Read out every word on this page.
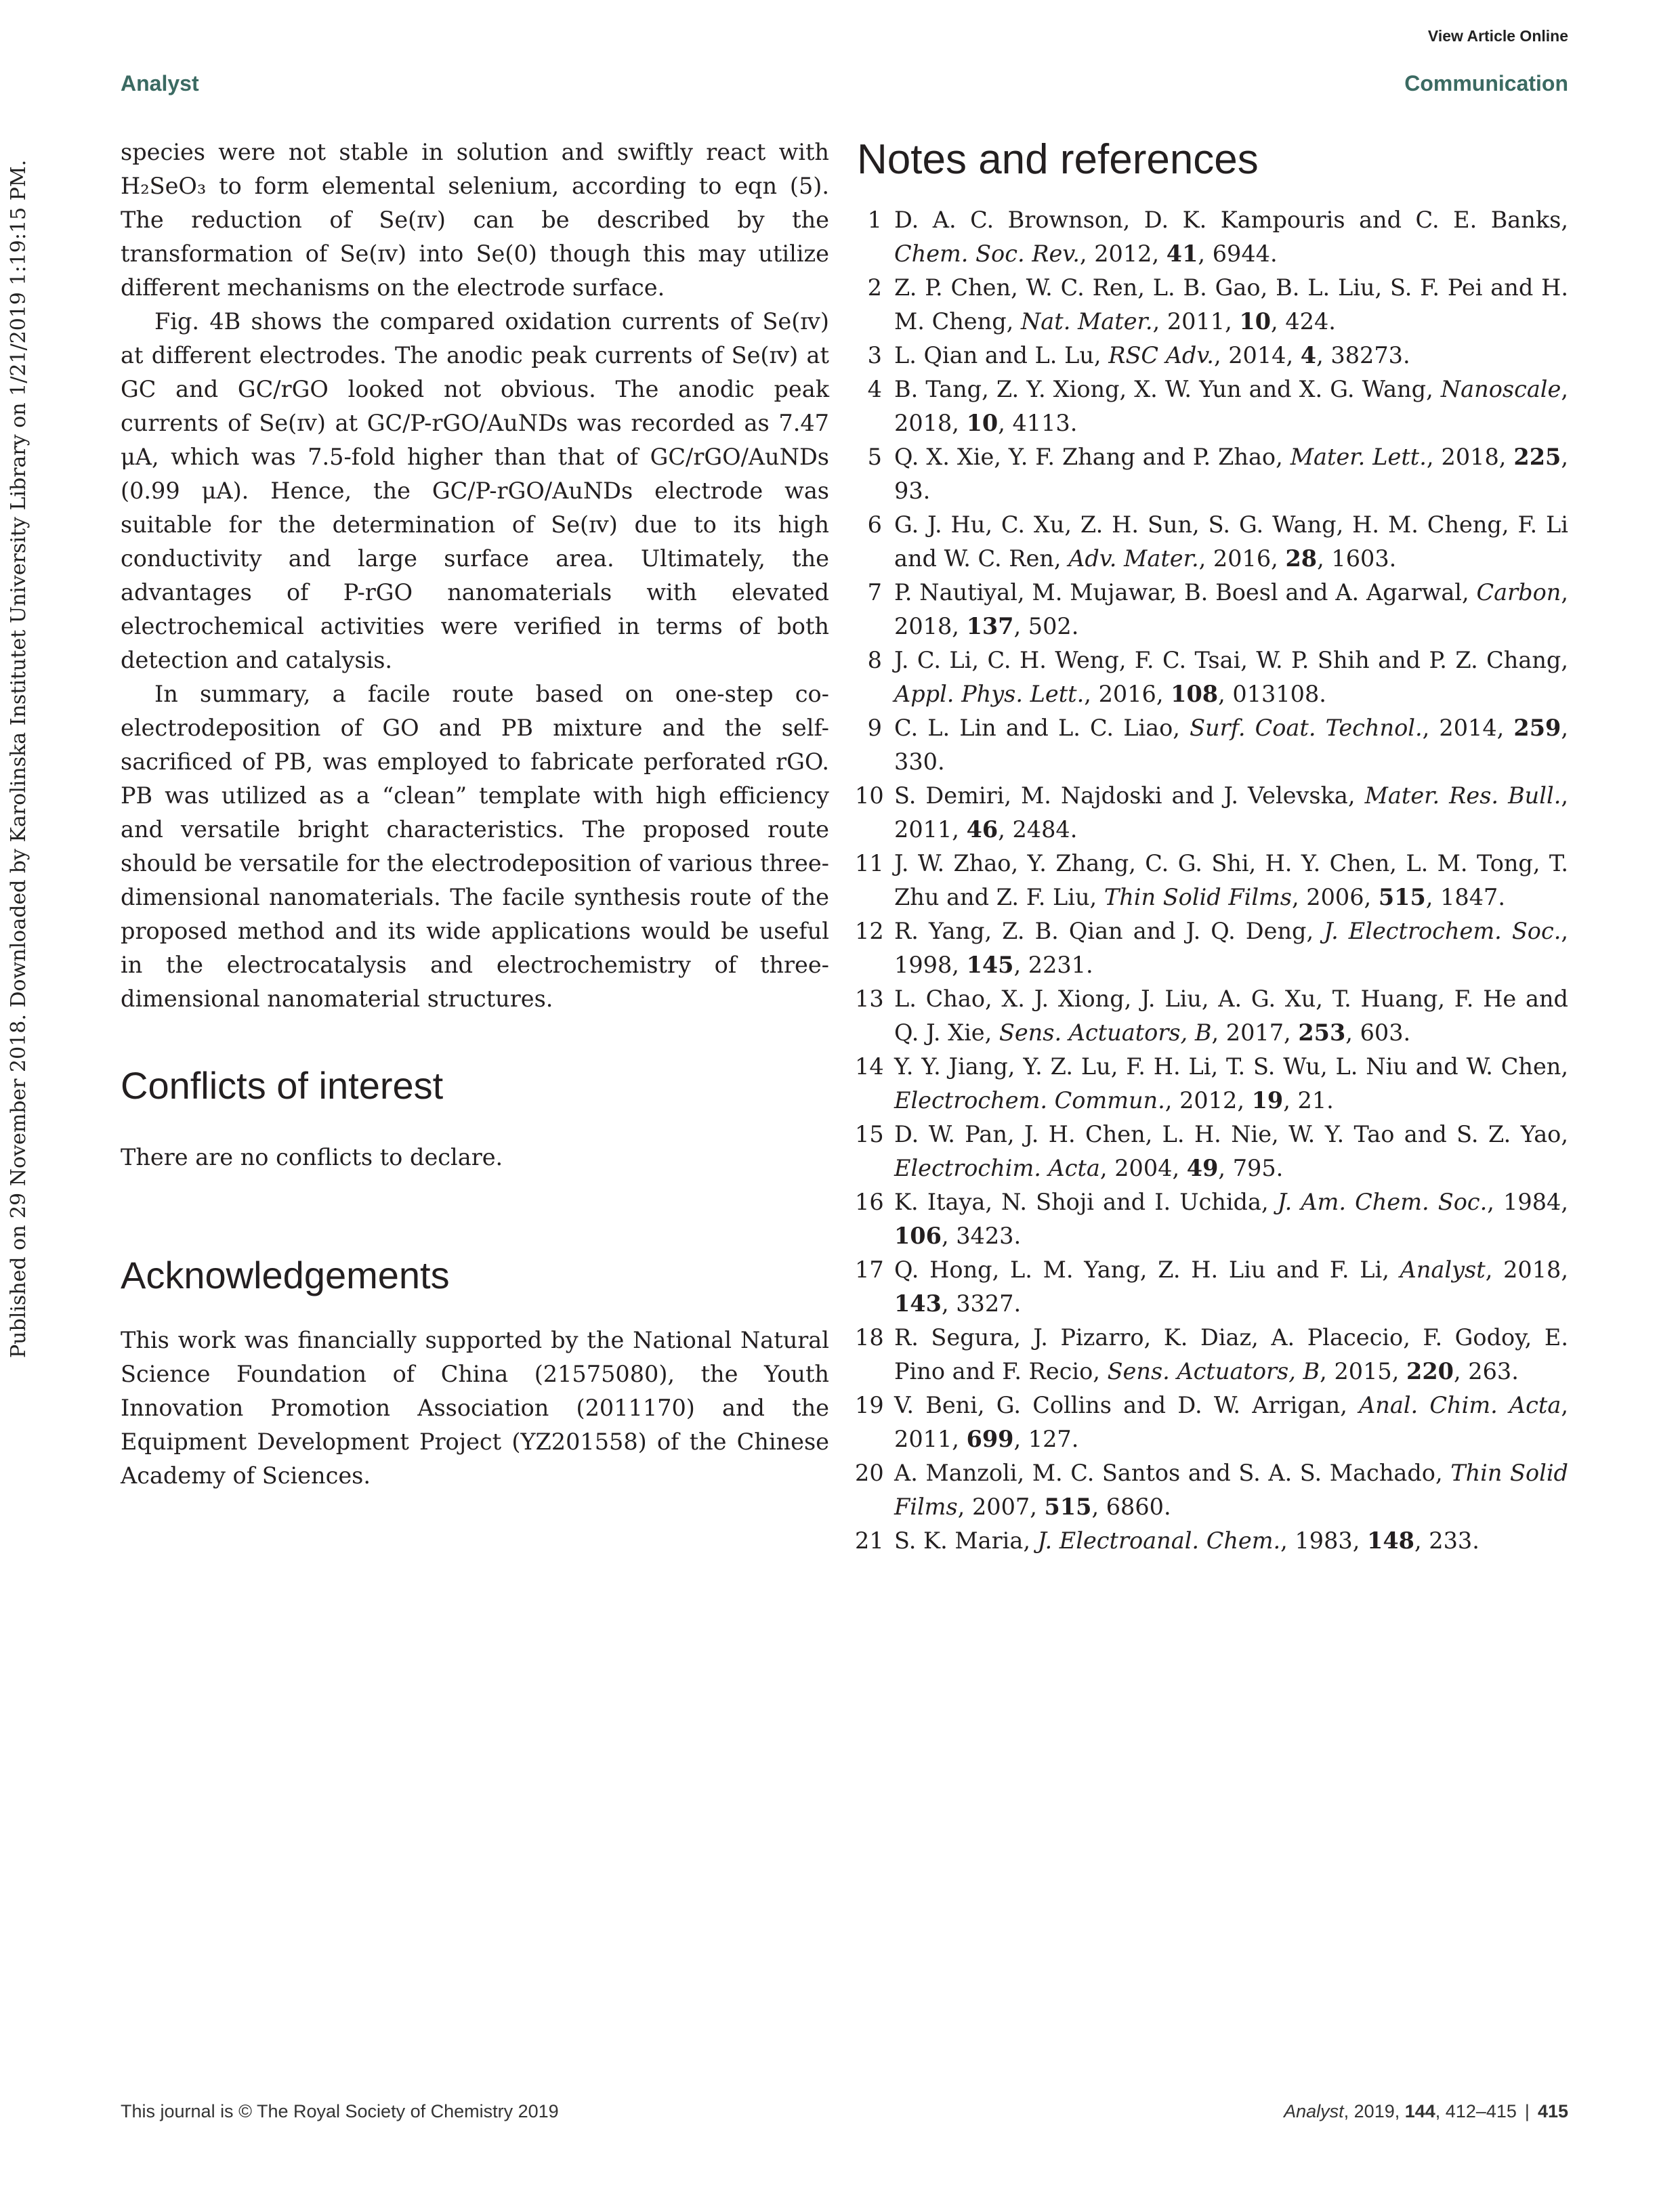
View Article Online
Analyst	Communication
Published on 29 November 2018. Downloaded by Karolinska Institutet University Library on 1/21/2019 1:19:15 PM.

species were not stable in solution and swiftly react with H₂SeO₃ to form elemental selenium, according to eqn (5). The reduction of Se(ɪᴠ) can be described by the transformation of Se(ɪᴠ) into Se(0) though this may utilize different mechanisms on the electrode surface.

Fig. 4B shows the compared oxidation currents of Se(ɪᴠ) at different electrodes. The anodic peak currents of Se(ɪᴠ) at GC and GC/rGO looked not obvious. The anodic peak currents of Se(ɪᴠ) at GC/P-rGO/AuNDs was recorded as 7.47 μA, which was 7.5-fold higher than that of GC/rGO/AuNDs (0.99 μA). Hence, the GC/P-rGO/AuNDs electrode was suitable for the determination of Se(ɪᴠ) due to its high conductivity and large surface area. Ultimately, the advantages of P-rGO nanomaterials with elevated electrochemical activities were verified in terms of both detection and catalysis.

In summary, a facile route based on one-step co-electrodeposition of GO and PB mixture and the self-sacrificed of PB, was employed to fabricate perforated rGO. PB was utilized as a “clean” template with high efficiency and versatile bright characteristics. The proposed route should be versatile for the electrodeposition of various three-dimensional nanomaterials. The facile synthesis route of the proposed method and its wide applications would be useful in the electrocatalysis and electrochemistry of three-dimensional nanomaterial structures.

Conflicts of interest

There are no conflicts to declare.

Acknowledgements

This work was financially supported by the National Natural Science Foundation of China (21575080), the Youth Innovation Promotion Association (2011170) and the Equipment Development Project (YZ201558) of the Chinese Academy of Sciences.

Notes and references
1 D. A. C. Brownson, D. K. Kampouris and C. E. Banks, Chem. Soc. Rev., 2012, 41, 6944.
2 Z. P. Chen, W. C. Ren, L. B. Gao, B. L. Liu, S. F. Pei and H. M. Cheng, Nat. Mater., 2011, 10, 424.
3 L. Qian and L. Lu, RSC Adv., 2014, 4, 38273.
4 B. Tang, Z. Y. Xiong, X. W. Yun and X. G. Wang, Nanoscale, 2018, 10, 4113.
5 Q. X. Xie, Y. F. Zhang and P. Zhao, Mater. Lett., 2018, 225, 93.
6 G. J. Hu, C. Xu, Z. H. Sun, S. G. Wang, H. M. Cheng, F. Li and W. C. Ren, Adv. Mater., 2016, 28, 1603.
7 P. Nautiyal, M. Mujawar, B. Boesl and A. Agarwal, Carbon, 2018, 137, 502.
8 J. C. Li, C. H. Weng, F. C. Tsai, W. P. Shih and P. Z. Chang, Appl. Phys. Lett., 2016, 108, 013108.
9 C. L. Lin and L. C. Liao, Surf. Coat. Technol., 2014, 259, 330.
10 S. Demiri, M. Najdoski and J. Velevska, Mater. Res. Bull., 2011, 46, 2484.
11 J. W. Zhao, Y. Zhang, C. G. Shi, H. Y. Chen, L. M. Tong, T. Zhu and Z. F. Liu, Thin Solid Films, 2006, 515, 1847.
12 R. Yang, Z. B. Qian and J. Q. Deng, J. Electrochem. Soc., 1998, 145, 2231.
13 L. Chao, X. J. Xiong, J. Liu, A. G. Xu, T. Huang, F. He and Q. J. Xie, Sens. Actuators, B, 2017, 253, 603.
14 Y. Y. Jiang, Y. Z. Lu, F. H. Li, T. S. Wu, L. Niu and W. Chen, Electrochem. Commun., 2012, 19, 21.
15 D. W. Pan, J. H. Chen, L. H. Nie, W. Y. Tao and S. Z. Yao, Electrochim. Acta, 2004, 49, 795.
16 K. Itaya, N. Shoji and I. Uchida, J. Am. Chem. Soc., 1984, 106, 3423.
17 Q. Hong, L. M. Yang, Z. H. Liu and F. Li, Analyst, 2018, 143, 3327.
18 R. Segura, J. Pizarro, K. Diaz, A. Placecio, F. Godoy, E. Pino and F. Recio, Sens. Actuators, B, 2015, 220, 263.
19 V. Beni, G. Collins and D. W. Arrigan, Anal. Chim. Acta, 2011, 699, 127.
20 A. Manzoli, M. C. Santos and S. A. S. Machado, Thin Solid Films, 2007, 515, 6860.
21 S. K. Maria, J. Electroanal. Chem., 1983, 148, 233.
This journal is © The Royal Society of Chemistry 2019	Analyst, 2019, 144, 412–415 | 415
